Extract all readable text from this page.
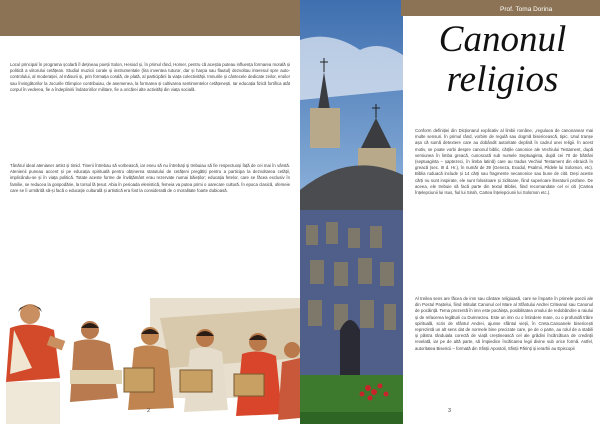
Locul principal în programa școlară îl dețineau poeții Solon, Hesiod și, în primul rând, Homer, pentru că aceștia puteau influența formarea morală și politică a viitorului cetățean. Studiul muzicii corale și instrumentale (lira inventea tuturor, dar și harpa sau flautul) dezvoltau interesul spre auto-controlului, al moderației, al măsurii și, prin formația corală, de plată, al participării la viața colectivității. Imnurile și cântecele dedicate zeilor, eroilor sau învingătorilor la Jocurile Olimpice contribuiau, de asemenea, la formarea și cultivarea sentimentelor cetățenești. Iar educația fizică fortifica atât corpul în vederea, fie a îndeplinirii îndatoririlor militare, fie a oricărei alte activități din viața socială.
Tânărul ideal atenianer artist și timid. Tinerii întrebau să vorbească, iar eseu să nu întrebați și trebuiau să fie respectuoși față de cei mai în vârstă. Atenienii puneau accent și pe educația spirituală pentru obținerea statutului de cetățeni pregătiți pentru a participa la dezvoltarea cetății, implicându-se și în viața politică. Totate aceste forme de învățământ erau rezervate numai băieților; educația fetelor, care se făcea exclusiv în familie, se reducea la gospodărie, la torsul lă țesut. Abia în perioada elenistică, femeia va putea primi o oarecare cultură. În epoca clasică, ofemeie care se îi urmărită să-și facă o educație culturală și artistică era fost la considerată de o moralitate foarte dubioasă.
2
Prof. Toma Dorina
Canonul
religios
Conform definiției din Dicționarul explicativ al limbii române, „reguluea de canonanear mai multe sensuri. În primul rând, vorbim de regulă sau dogmă bisericească, tipic. Unul tranșe așa că sumă detextere care au dobândit autoritate deplină în cadrul unei religii. În acest motiv, se poate vorbi despre canonul biblic, cărțile canonice ale Vechiului Testament, după versiunea în limba greacă, cunoscută sub numele Septuaginta, după cei 70 de bătrâni (septuaginta – șaptezeci, în limba latină) care au tradus Vechiul Testament din ebraică în greacă (sec. III d. Hr.), în număr de 39 (Geneza, Exodul, Psalmii, Pildele lui Solomon, etc). Biblia ruduacă include și 14 cărți sau fragmente necanonice sau bune de citit. Deși aceste cărți nu sunt inspirate, ele sunt folositoare și ziditoare, fiind superioare literaturii profane. De aceea, ele trebuie să facă parte din textul Bibliei, fiind recomandate cel ei citi (Cartea Înțelepciunii lui Isus, fiul lui Sirah, Cartea Înțelepciunii lui Solomon etc.).
Al treilea sens are făcea de imn sau cântare religioasă, care se împarte în primele poezii ale din Postul Paștelui, fiind intitulat Canonul cel Mare al Sfântului Andrei Criteanul sau Canonul de pocăință. Tema prezentă în imn este pocăința, posibilitatea omului de redobândire a raiului și de refacerea legăturii cu Dumnezeu. Este un imn cu o întindere mare, cu o profundă trăire spirituală, scris de sfântul Andrei, ajunse sfântul vieții, în Creta.Canoanele bisericești reprezintă un alt sens dat de normele bine precizate care, pe de o parte, au rolul de a stabili și păstra rânduiala corectă de viață creștinească cel ale grădini încărcătura de credinții revelată, iar pe de altă parte, să împiedice încălcarea legii divine sub orice formă. Astfel, autoritatea Bisericii – formată din Sfinții Apostoli, Sfinții Părinți și ierarhii au Episcopii
3
